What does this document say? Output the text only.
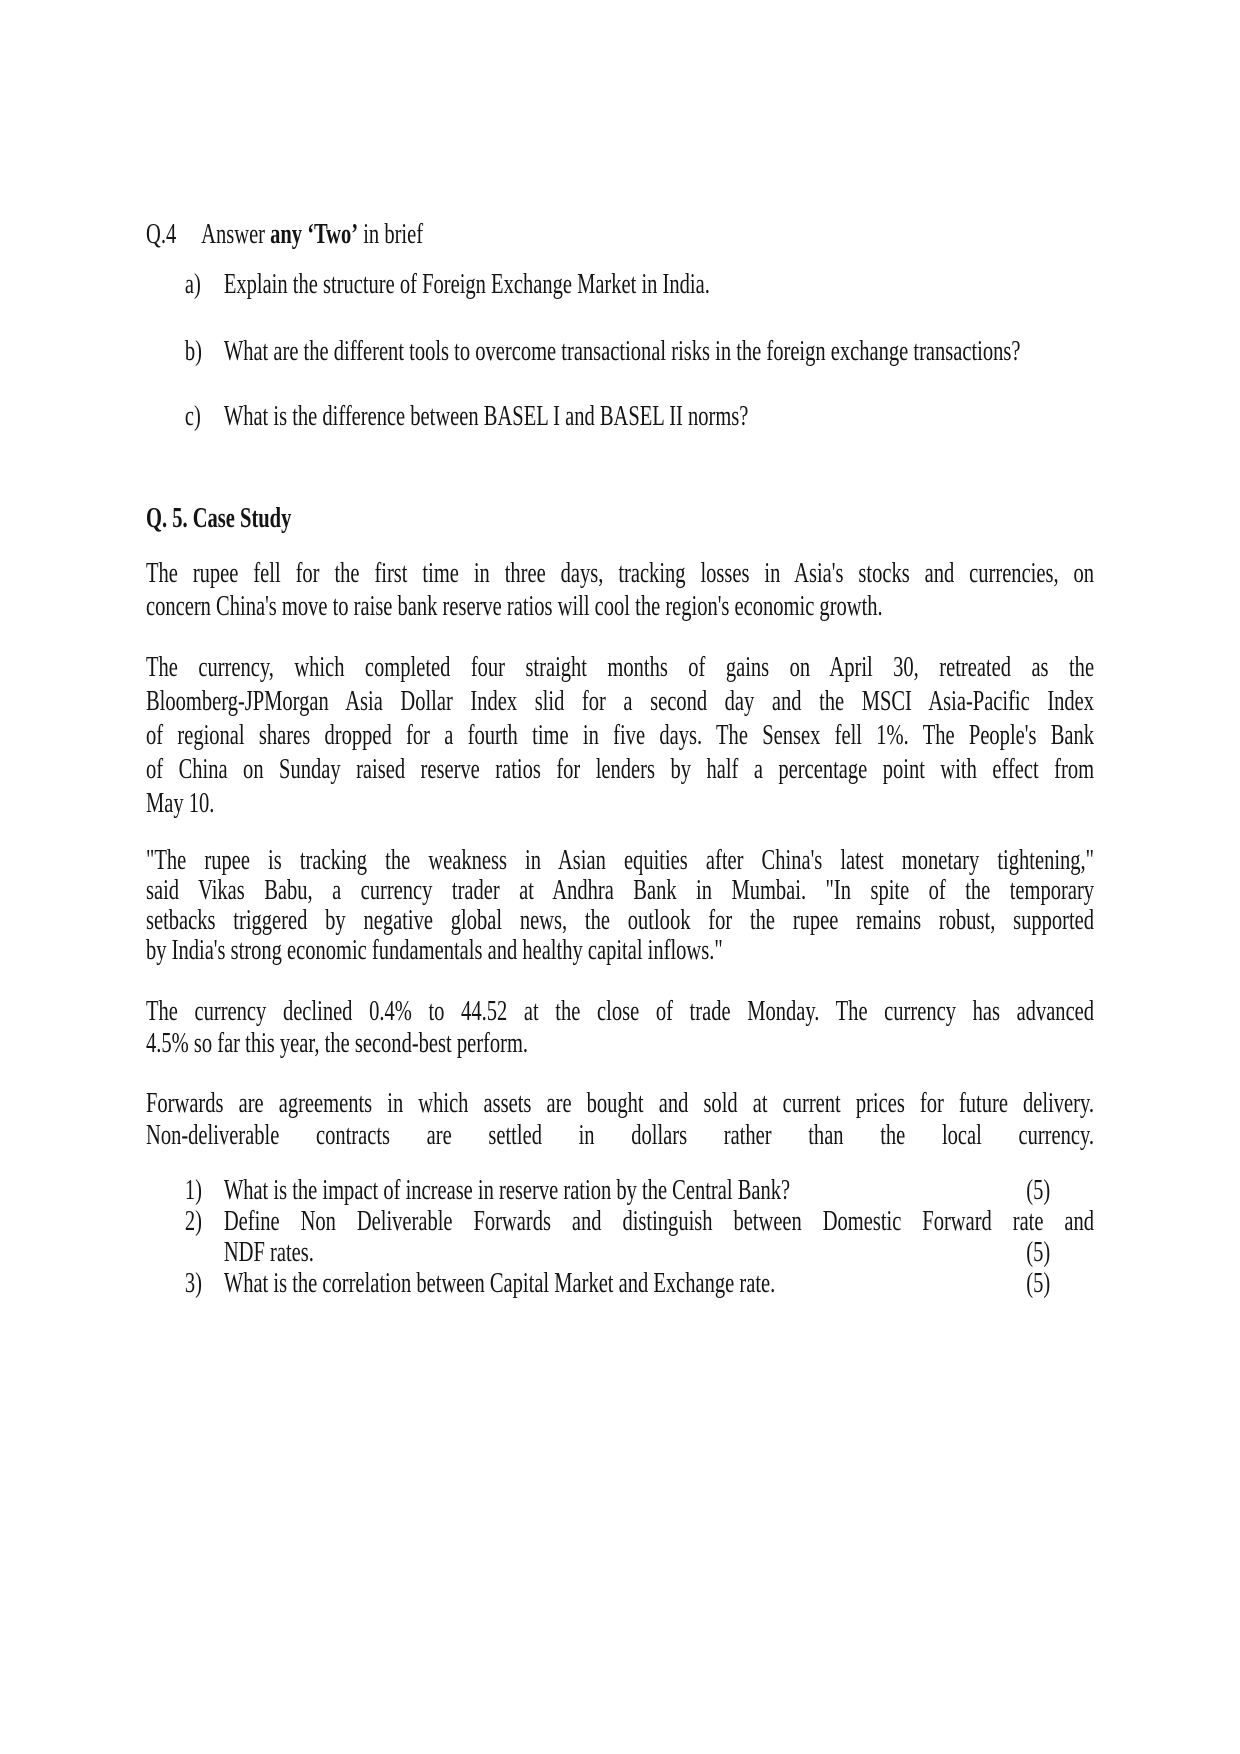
Q.4 Answer any ‘Two’ in brief
a) Explain the structure of Foreign Exchange Market in India.
b) What are the different tools to overcome transactional risks in the foreign exchange transactions?
c) What is the difference between BASEL I and BASEL II norms?
Q. 5. Case Study
The rupee fell for the first time in three days, tracking losses in Asia's stocks and currencies, on
concern China's move to raise bank reserve ratios will cool the region's economic growth.
The currency, which completed four straight months of gains on April 30, retreated as the
Bloomberg-JPMorgan Asia Dollar Index slid for a second day and the MSCI Asia-Pacific Index
of regional shares dropped for a fourth time in five days. The Sensex fell 1%. The People's Bank
of China on Sunday raised reserve ratios for lenders by half a percentage point with effect from
May 10.
"The rupee is tracking the weakness in Asian equities after China's latest monetary tightening,"
said Vikas Babu, a currency trader at Andhra Bank in Mumbai. "In spite of the temporary
setbacks triggered by negative global news, the outlook for the rupee remains robust, supported
by India's strong economic fundamentals and healthy capital inflows."
The currency declined 0.4% to 44.52 at the close of trade Monday. The currency has advanced
4.5% so far this year, the second-best perform.
Forwards are agreements in which assets are bought and sold at current prices for future delivery.
Non-deliverable contracts are settled in dollars rather than the local currency.
1) What is the impact of increase in reserve ration by the Central Bank?	(5)
2) Define Non Deliverable Forwards and distinguish between Domestic Forward rate and
NDF rates.	(5)
3) What is the correlation between Capital Market and Exchange rate.	(5)
